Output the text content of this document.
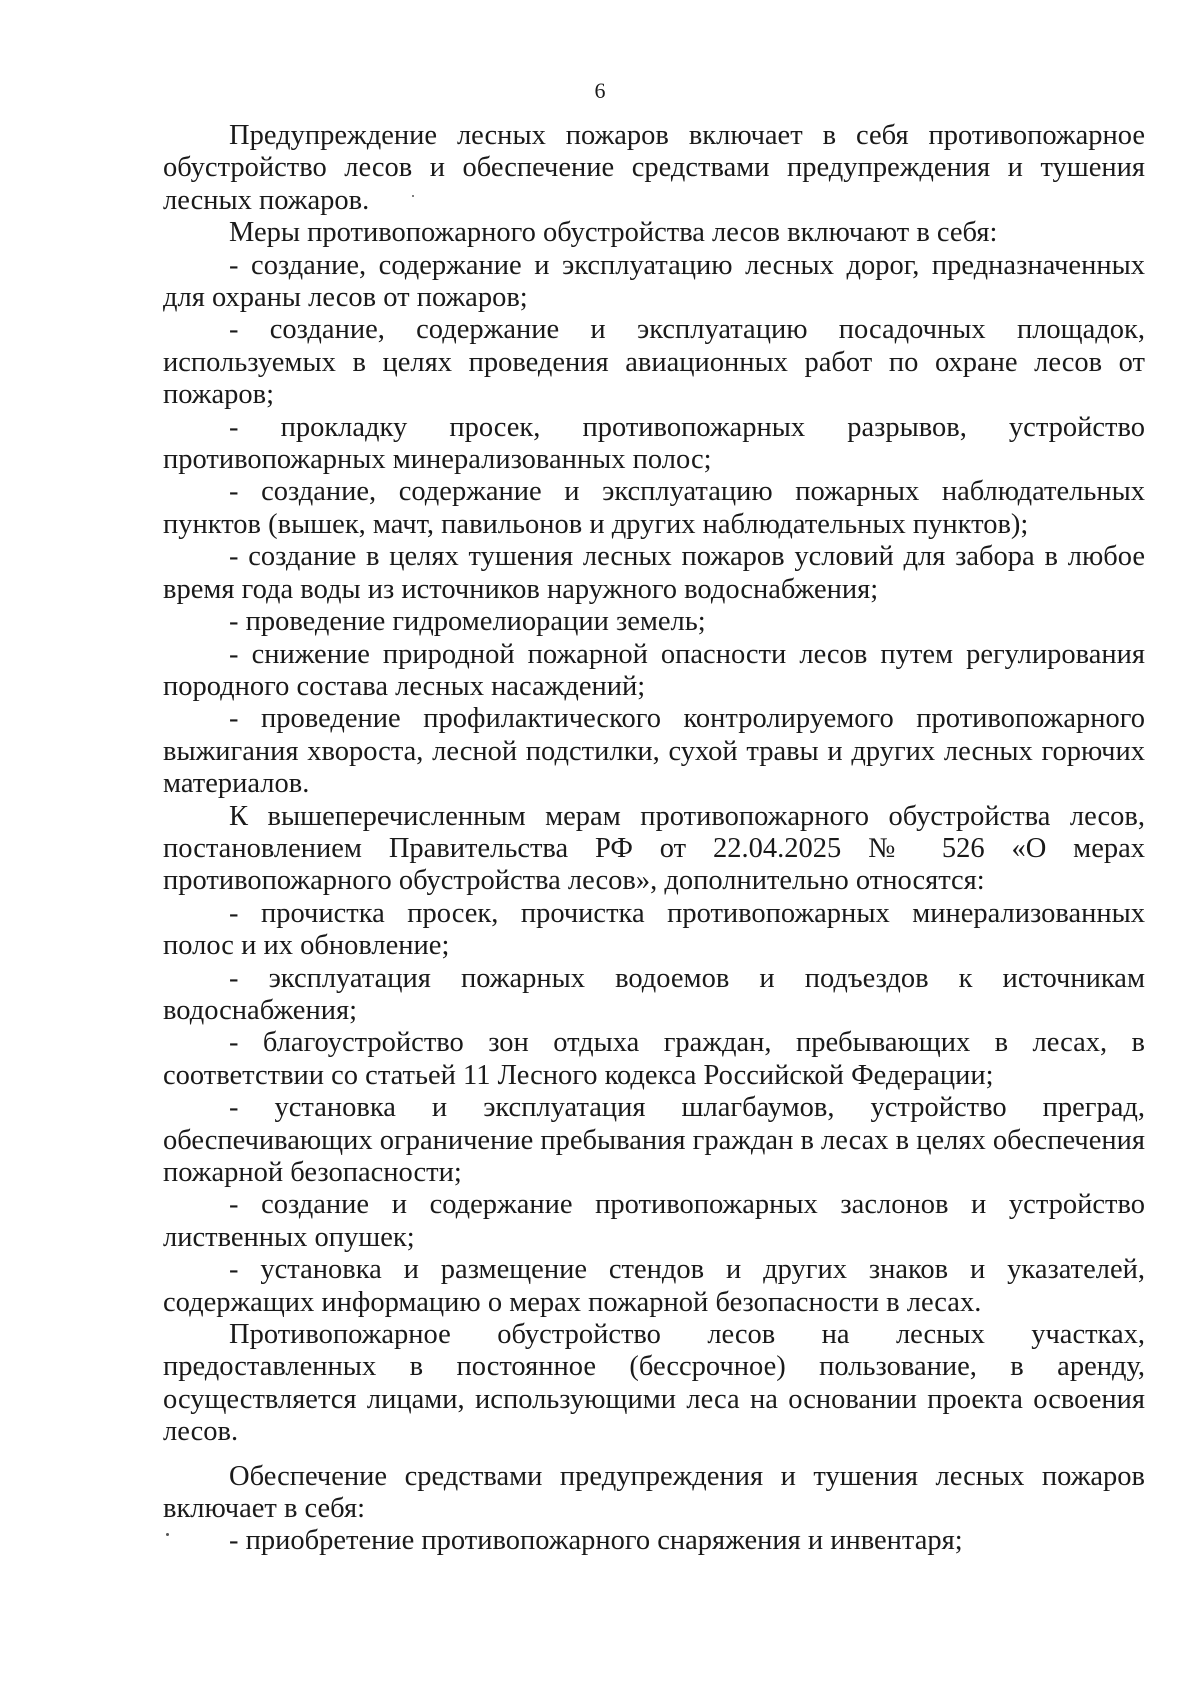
6

Предупреждение лесных пожаров включает в себя противопожарное обустройство лесов и обеспечение средствами предупреждения и тушения лесных пожаров.

Меры противопожарного обустройства лесов включают в себя:

- создание, содержание и эксплуатацию лесных дорог, предназначенных для охраны лесов от пожаров;

- создание, содержание и эксплуатацию посадочных площадок, используемых в целях проведения авиационных работ по охране лесов от пожаров;

- прокладку просек, противопожарных разрывов, устройство противопожарных минерализованных полос;

- создание, содержание и эксплуатацию пожарных наблюдательных пунктов (вышек, мачт, павильонов и других наблюдательных пунктов);

- создание в целях тушения лесных пожаров условий для забора в любое время года воды из источников наружного водоснабжения;

- проведение гидромелиорации земель;

- снижение природной пожарной опасности лесов путем регулирования породного состава лесных насаждений;

- проведение профилактического контролируемого противопожарного выжигания хвороста, лесной подстилки, сухой травы и других лесных горючих материалов.

К вышеперечисленным мерам противопожарного обустройства лесов, постановлением Правительства РФ от 22.04.2025 № 526 «О мерах противопожарного обустройства лесов», дополнительно относятся:

- прочистка просек, прочистка противопожарных минерализованных полос и их обновление;

- эксплуатация пожарных водоемов и подъездов к источникам водоснабжения;

- благоустройство зон отдыха граждан, пребывающих в лесах, в соответствии со статьей 11 Лесного кодекса Российской Федерации;

- установка и эксплуатация шлагбаумов, устройство преград, обеспечивающих ограничение пребывания граждан в лесах в целях обеспечения пожарной безопасности;

- создание и содержание противопожарных заслонов и устройство лиственных опушек;

- установка и размещение стендов и других знаков и указателей, содержащих информацию о мерах пожарной безопасности в лесах.

Противопожарное обустройство лесов на лесных участках, предоставленных в постоянное (бессрочное) пользование, в аренду, осуществляется лицами, использующими леса на основании проекта освоения лесов.

Обеспечение средствами предупреждения и тушения лесных пожаров включает в себя:

- приобретение противопожарного снаряжения и инвентаря;
